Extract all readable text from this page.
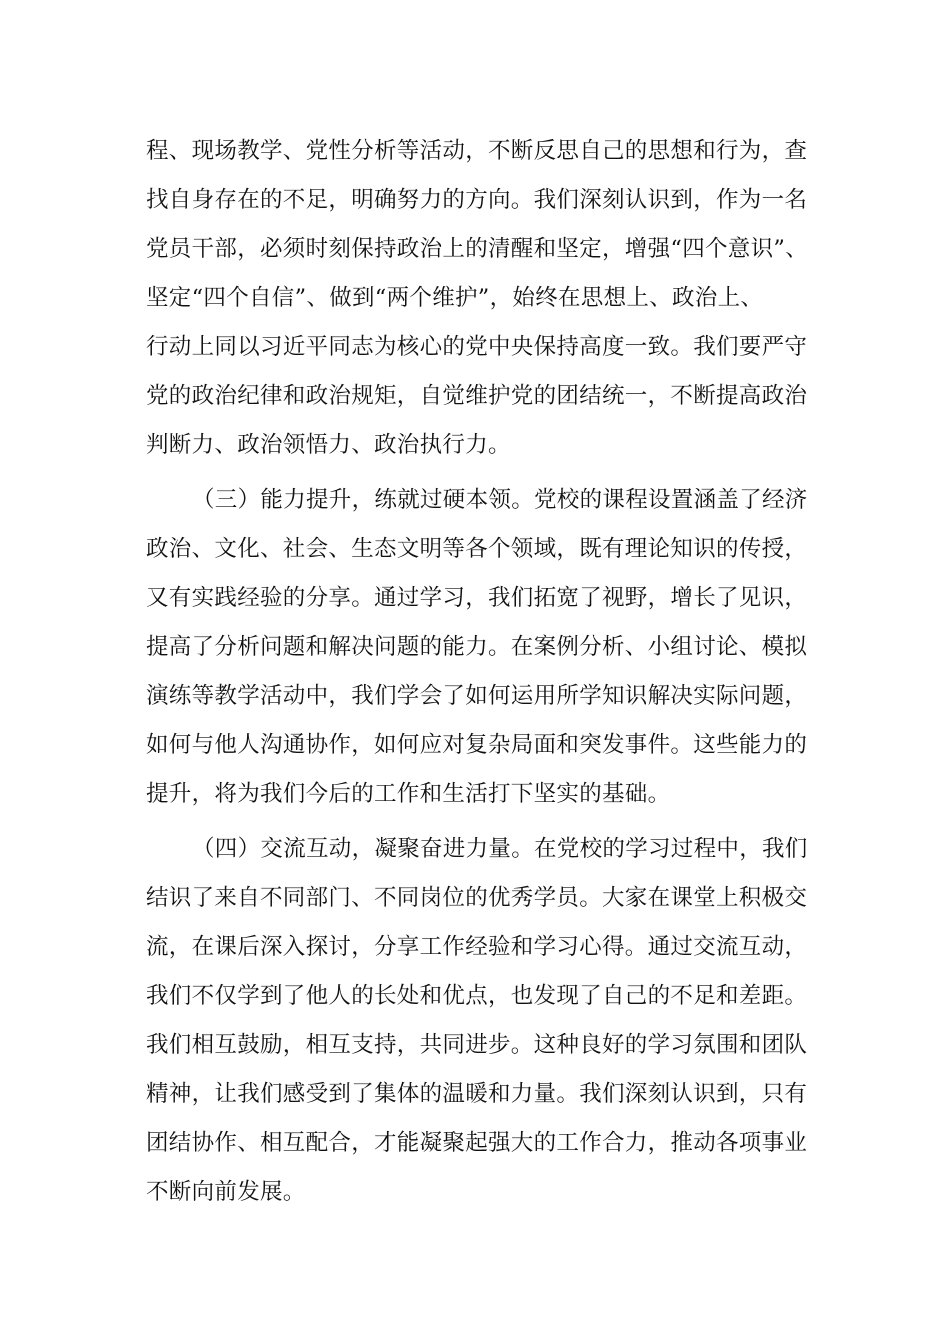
程、现场教学、党性分析等活动，不断反思自己的思想和行为，查
找自身存在的不足，明确努力的方向。我们深刻认识到，作为一名
党员干部，必须时刻保持政治上的清醒和坚定，增强“四个意识”、
坚定“四个自信”、做到“两个维护”，始终在思想上、政治上、
行动上同以习近平同志为核心的党中央保持高度一致。我们要严守
党的政治纪律和政治规矩，自觉维护党的团结统一，不断提高政治
判断力、政治领悟力、政治执行力。
（三）能力提升，练就过硬本领。党校的课程设置涵盖了经济
政治、文化、社会、生态文明等各个领域，既有理论知识的传授，
又有实践经验的分享。通过学习，我们拓宽了视野，增长了见识，
提高了分析问题和解决问题的能力。在案例分析、小组讨论、模拟
演练等教学活动中，我们学会了如何运用所学知识解决实际问题，
如何与他人沟通协作，如何应对复杂局面和突发事件。这些能力的
提升，将为我们今后的工作和生活打下坚实的基础。
（四）交流互动，凝聚奋进力量。在党校的学习过程中，我们
结识了来自不同部门、不同岗位的优秀学员。大家在课堂上积极交
流，在课后深入探讨，分享工作经验和学习心得。通过交流互动，
我们不仅学到了他人的长处和优点，也发现了自己的不足和差距。
我们相互鼓励，相互支持，共同进步。这种良好的学习氛围和团队
精神，让我们感受到了集体的温暖和力量。我们深刻认识到，只有
团结协作、相互配合，才能凝聚起强大的工作合力，推动各项事业
不断向前发展。
